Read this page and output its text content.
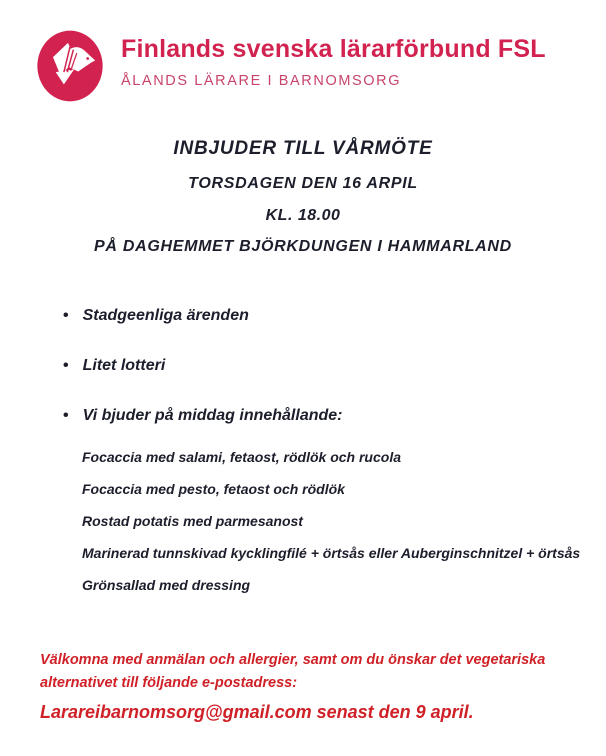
Finlands svenska lärarförbund FSL
ÅLANDS LÄRARE I BARNOMSORG
INBJUDER TILL VÅRMÖTE
TORSDAGEN DEN 16 ARPIL
KL. 18.00
PÅ DAGHEMMET BJÖRKDUNGEN I HAMMARLAND
• Stadgeenliga ärenden
• Litet lotteri
• Vi bjuder på middag innehållande:
Focaccia med salami, fetaost, rödlök och rucola
Focaccia med pesto, fetaost och rödlök
Rostad potatis med parmesanost
Marinerad tunnskivad kycklingfilé + örtsås eller Auberginschnitzel + örtsås
Grönsallad med dressing

Välkomna med anmälan och allergier, samt om du önskar det vegetariska
alternativet till följande e-postadress:

Larareibarnomsorg@gmail.com senast den 9 april.
